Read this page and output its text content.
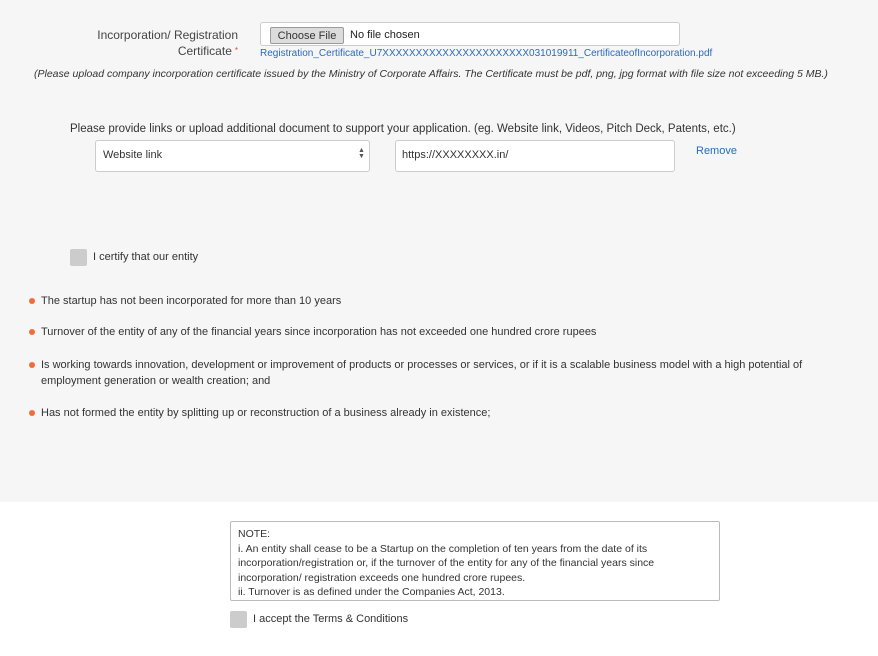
Incorporation/ Registration
Certificate *
Choose File	No file chosen
Registration_Certificate_U7XXXXXXXXXXXXXXXXXXXXXX031019911_CertificateofIncorporation.pdf
(Please upload company incorporation certificate issued by the Ministry of Corporate Affairs. The Certificate must be pdf, png, jpg format with file size not exceeding 5 MB.)
Please provide links or upload additional document to support your application. (eg. Website link, Videos, Pitch Deck, Patents, etc.)
Website link	▲
▼	https://XXXXXXXX.in/	Remove
I certify that our entity
The startup has not been incorporated for more than 10 years
Turnover of the entity of any of the financial years since incorporation has not exceeded one hundred crore rupees
Is working towards innovation, development or improvement of products or processes or services, or if it is a scalable business model with a high potential of employment generation or wealth creation; and
Has not formed the entity by splitting up or reconstruction of a business already in existence;
NOTE:
i. An entity shall cease to be a Startup on the completion of ten years from the date of its
incorporation/registration or, if the turnover of the entity for any of the financial years since
incorporation/ registration exceeds one hundred crore rupees.
ii. Turnover is as defined under the Companies Act, 2013.
I accept the Terms & Conditions
